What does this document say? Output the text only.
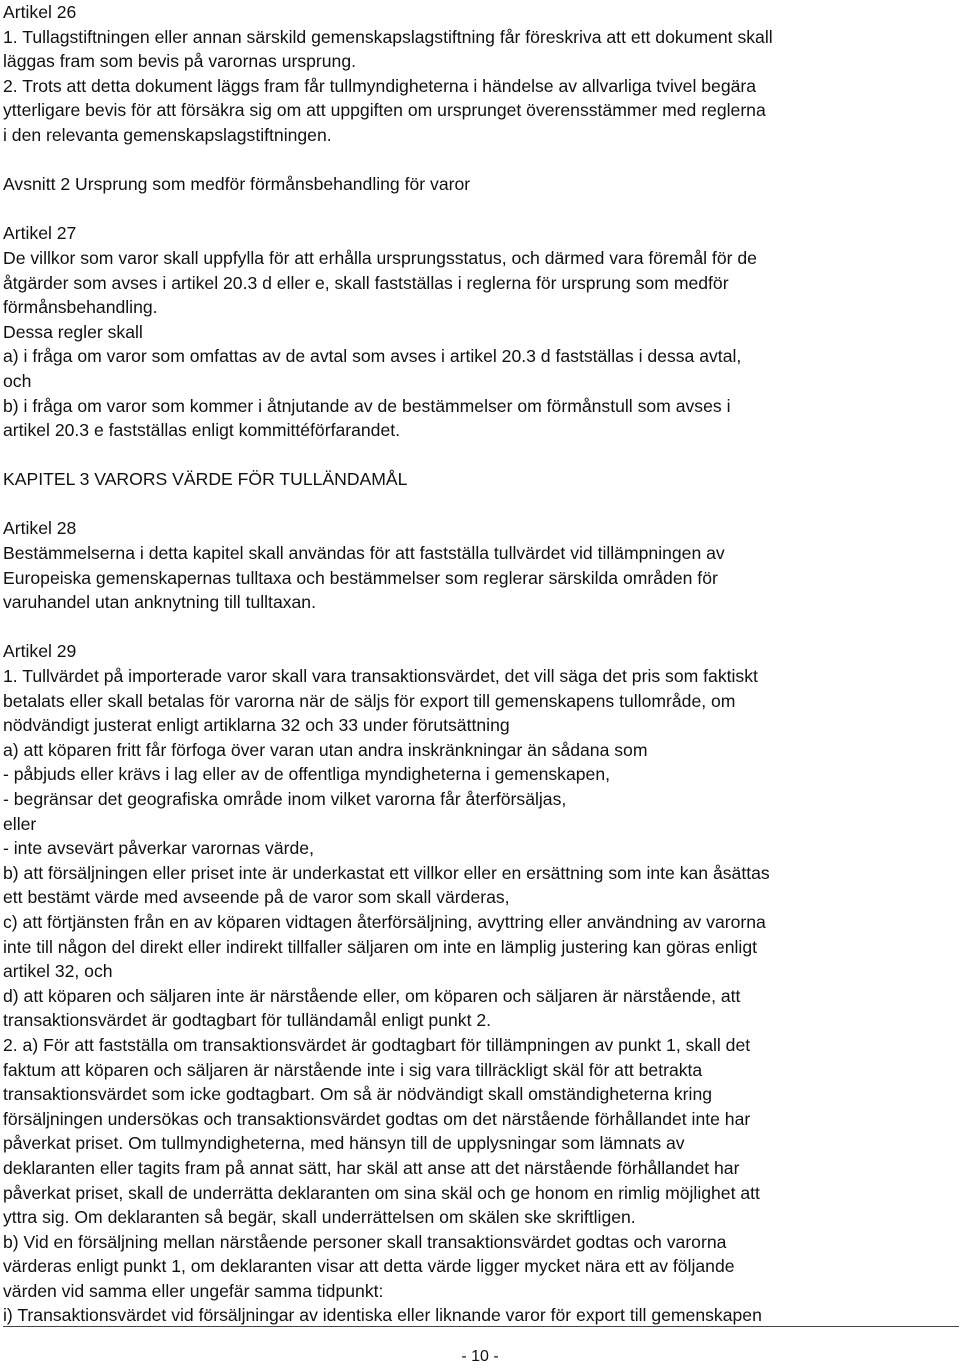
Artikel 26
1. Tullagstiftningen eller annan särskild gemenskapslagstiftning får föreskriva att ett dokument skall
läggas fram som bevis på varornas ursprung.
2. Trots att detta dokument läggs fram får tullmyndigheterna i händelse av allvarliga tvivel begära
ytterligare bevis för att försäkra sig om att uppgiften om ursprunget överensstämmer med reglerna
i den relevanta gemenskapslagstiftningen.
Avsnitt 2 Ursprung som medför förmånsbehandling för varor
Artikel 27
De villkor som varor skall uppfylla för att erhålla ursprungsstatus, och därmed vara föremål för de
åtgärder som avses i artikel 20.3 d eller e, skall fastställas i reglerna för ursprung som medför
förmånsbehandling.
Dessa regler skall
a) i fråga om varor som omfattas av de avtal som avses i artikel 20.3 d fastställas i dessa avtal,
och
b) i fråga om varor som kommer i åtnjutande av de bestämmelser om förmånstull som avses i
artikel 20.3 e fastställas enligt kommittéförfarandet.
KAPITEL 3 VARORS VÄRDE FÖR TULLÄNDAMÅL
Artikel 28
Bestämmelserna i detta kapitel skall användas för att fastställa tullvärdet vid tillämpningen av
Europeiska gemenskapernas tulltaxa och bestämmelser som reglerar särskilda områden för
varuhandel utan anknytning till tulltaxan.
Artikel 29
1. Tullvärdet på importerade varor skall vara transaktionsvärdet, det vill säga det pris som faktiskt
betalats eller skall betalas för varorna när de säljs för export till gemenskapens tullområde, om
nödvändigt justerat enligt artiklarna 32 och 33 under förutsättning
a) att köparen fritt får förfoga över varan utan andra inskränkningar än sådana som
- påbjuds eller krävs i lag eller av de offentliga myndigheterna i gemenskapen,
- begränsar det geografiska område inom vilket varorna får återförsäljas,
eller
- inte avsevärt påverkar varornas värde,
b) att försäljningen eller priset inte är underkastat ett villkor eller en ersättning som inte kan åsättas
ett bestämt värde med avseende på de varor som skall värderas,
c) att förtjänsten från en av köparen vidtagen återförsäljning, avyttring eller användning av varorna
inte till någon del direkt eller indirekt tillfaller säljaren om inte en lämplig justering kan göras enligt
artikel 32, och
d) att köparen och säljaren inte är närstående eller, om köparen och säljaren är närstående, att
transaktionsvärdet är godtagbart för tulländamål enligt punkt 2.
2. a) För att fastställa om transaktionsvärdet är godtagbart för tillämpningen av punkt 1, skall det
faktum att köparen och säljaren är närstående inte i sig vara tillräckligt skäl för att betrakta
transaktionsvärdet som icke godtagbart. Om så är nödvändigt skall omständigheterna kring
försäljningen undersökas och transaktionsvärdet godtas om det närstående förhållandet inte har
påverkat priset. Om tullmyndigheterna, med hänsyn till de upplysningar som lämnats av
deklaranten eller tagits fram på annat sätt, har skäl att anse att det närstående förhållandet har
påverkat priset, skall de underrätta deklaranten om sina skäl och ge honom en rimlig möjlighet att
yttra sig. Om deklaranten så begär, skall underrättelsen om skälen ske skriftligen.
b) Vid en försäljning mellan närstående personer skall transaktionsvärdet godtas och varorna
värderas enligt punkt 1, om deklaranten visar att detta värde ligger mycket nära ett av följande
värden vid samma eller ungefär samma tidpunkt:
i) Transaktionsvärdet vid försäljningar av identiska eller liknande varor för export till gemenskapen
- 10 -
